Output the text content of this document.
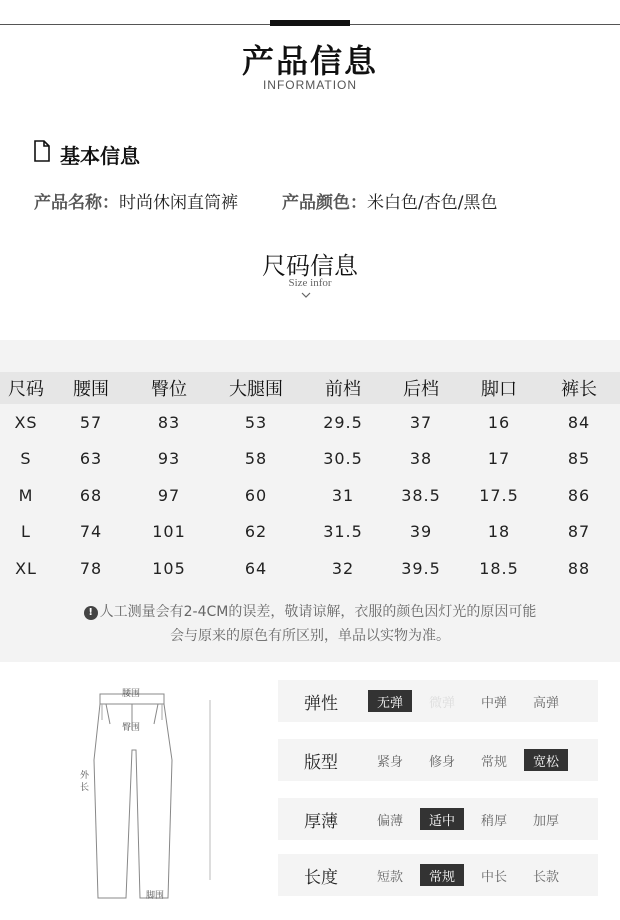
产品信息
INFORMATION
基本信息
产品名称：时尚休闲直筒裤	产品颜色：米白色/杏色/黑色
尺码信息
Size infor
尺码	腰围	臀位	大腿围	前档	后档	脚口	裤长
XS	57	83	53	29.5	37	16	84
S	63	93	58	30.5	38	17	85
M	68	97	60	31	38.5	17.5	86
L	74	101	62	31.5	39	18	87
XL	78	105	64	32	39.5	18.5	88
! 人工测量会有2-4CM的误差，敬请谅解，衣服的颜色因灯光的原因可能
会与原来的原色有所区别，单品以实物为准。
腰围
臀围
外长
脚围
弹性	无弹	微弹	中弹	高弹
版型	紧身	修身	常规	宽松
厚薄	偏薄	适中	稍厚	加厚
长度	短款	常规	中长	长款
